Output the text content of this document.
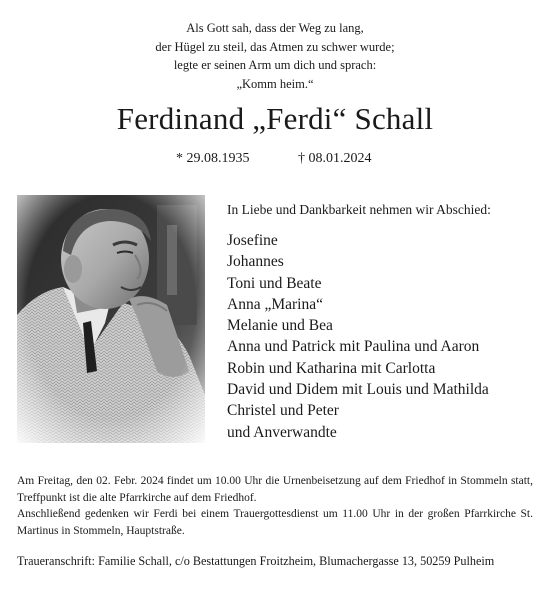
Als Gott sah, dass der Weg zu lang,
der Hügel zu steil, das Atmen zu schwer wurde;
legte er seinen Arm um dich und sprach:
„Komm heim.“
Ferdinand „Ferdi“ Schall
* 29.08.1935	† 08.01.2024
In Liebe und Dankbarkeit nehmen wir Abschied:
Josefine
Johannes
Toni und Beate
Anna „Marina“
Melanie und Bea
Anna und Patrick mit Paulina und Aaron
Robin und Katharina mit Carlotta
David und Didem mit Louis und Mathilda
Christel und Peter
und Anverwandte
Am Freitag, den 02. Febr. 2024 findet um 10.00 Uhr die Urnenbeisetzung auf dem Friedhof in Stommeln statt, Treffpunkt ist die alte Pfarrkirche auf dem Friedhof.
Anschließend gedenken wir Ferdi bei einem Trauergottesdienst um 11.00 Uhr in der großen Pfarrkirche St. Martinus in Stommeln, Hauptstraße.
Traueranschrift: Familie Schall, c/o Bestattungen Froitzheim, Blumachergasse 13, 50259 Pulheim
